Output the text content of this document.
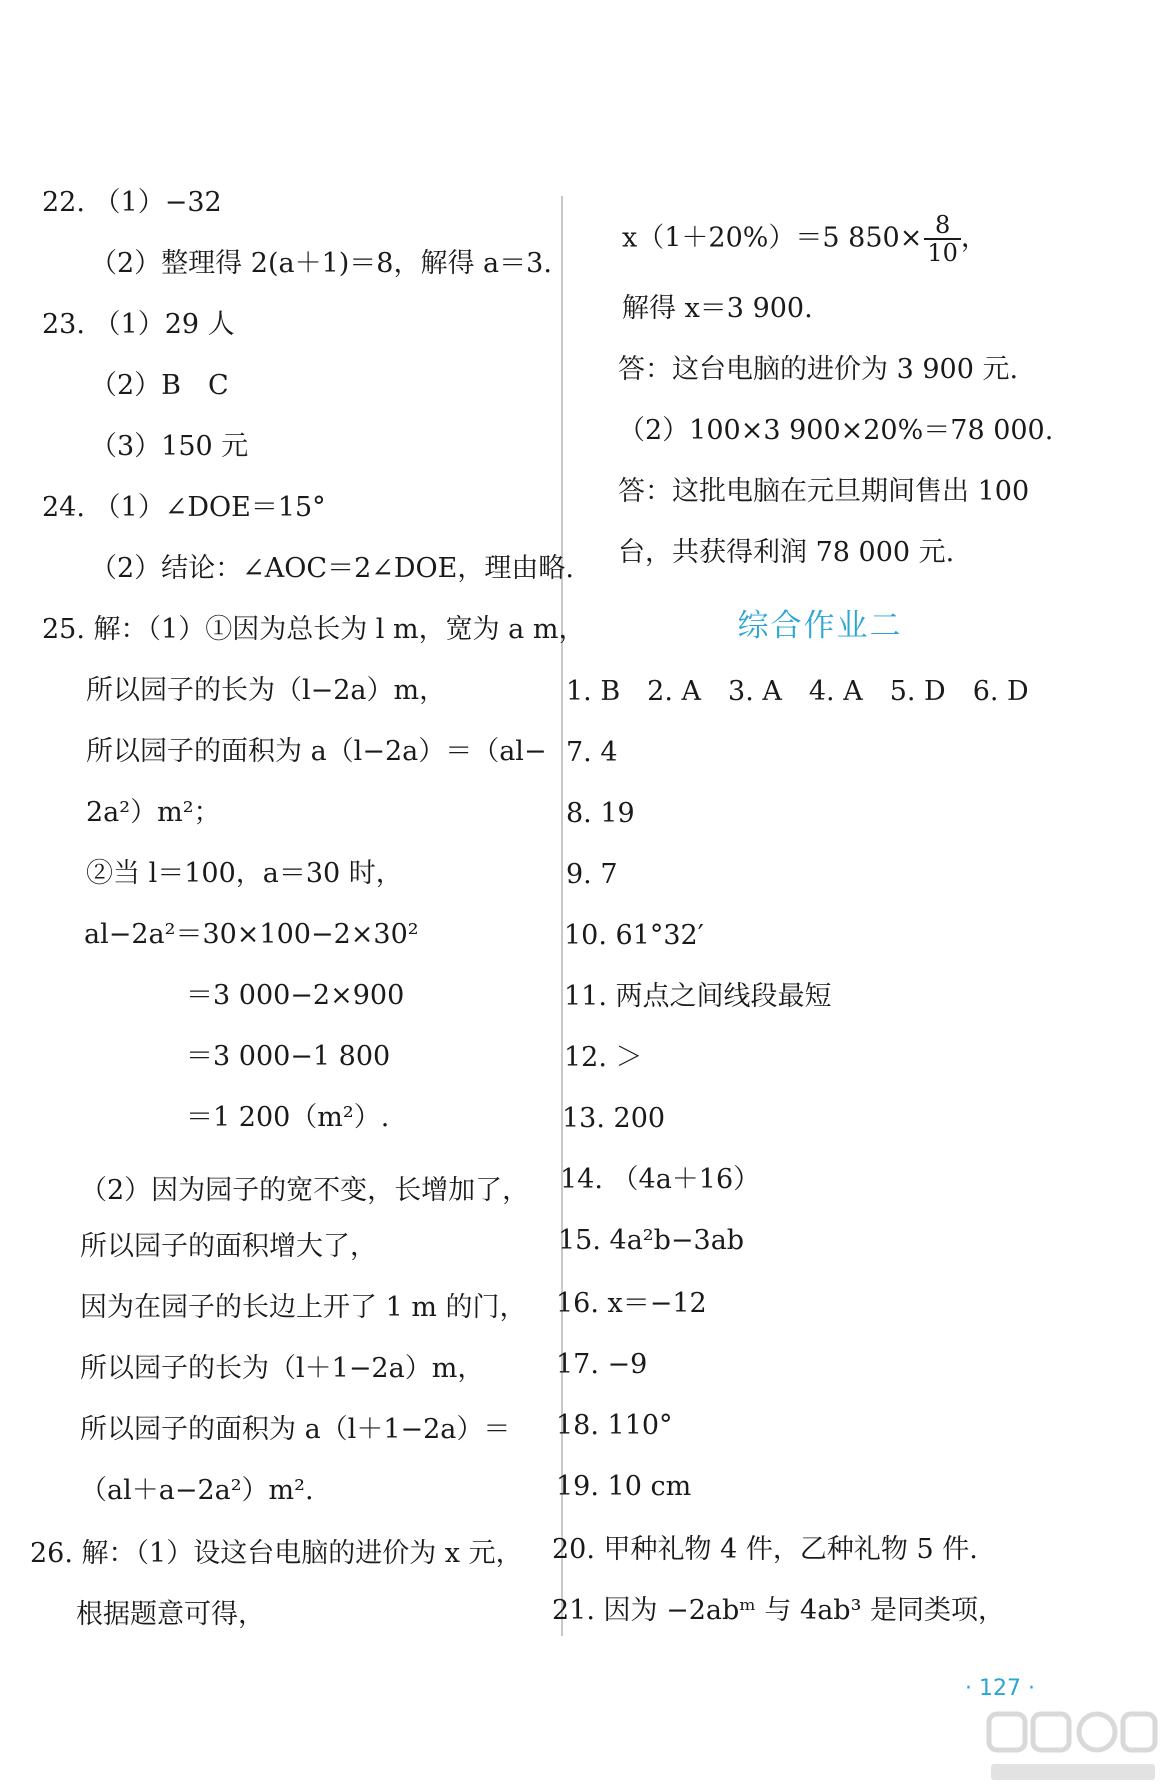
22. （1）−32
（2）整理得 2(a＋1)＝8，解得 a＝3.
23. （1）29 人
（2）B　C
（3）150 元
24. （1）∠DOE＝15°
（2）结论：∠AOC＝2∠DOE，理由略.
25. 解：（1）①因为总长为 l m，宽为 a m，
所以园子的长为（l−2a）m，
所以园子的面积为 a（l−2a）＝（al−
2a²）m²；
②当 l＝100，a＝30 时，
al−2a²＝30×100−2×30²
＝3 000−2×900
＝3 000−1 800
＝1 200（m²）.
（2）因为园子的宽不变，长增加了，
所以园子的面积增大了，
因为在园子的长边上开了 1 m 的门，
所以园子的长为（l＋1−2a）m，
所以园子的面积为 a（l＋1−2a）＝
（al＋a−2a²）m².
26. 解：（1）设这台电脑的进价为 x 元，
根据题意可得，
x（1＋20%）＝5 $850\times \frac{8}{10}$ ，
解得 x＝3 900.
答：这台电脑的进价为 3 900 元.
（2）100×3 900×20%＝78 000.
答：这批电脑在元旦期间售出 100
台，共获得利润 78 000 元.
综合作业二
1. B　2. A　3. A　4. A　5. D　6. D
7. 4
8. 19
9. 7
10. 61°32′
11. 两点之间线段最短
12. ＞
13. 200
14. （4a＋16）
15. 4a²b−3ab
16. x＝−12
17. −9
18. 110°
19. 10 cm
20. 甲种礼物 4 件，乙种礼物 5 件.
21. 因为 −2abᵐ 与 4ab³ 是同类项，
· 127 ·
